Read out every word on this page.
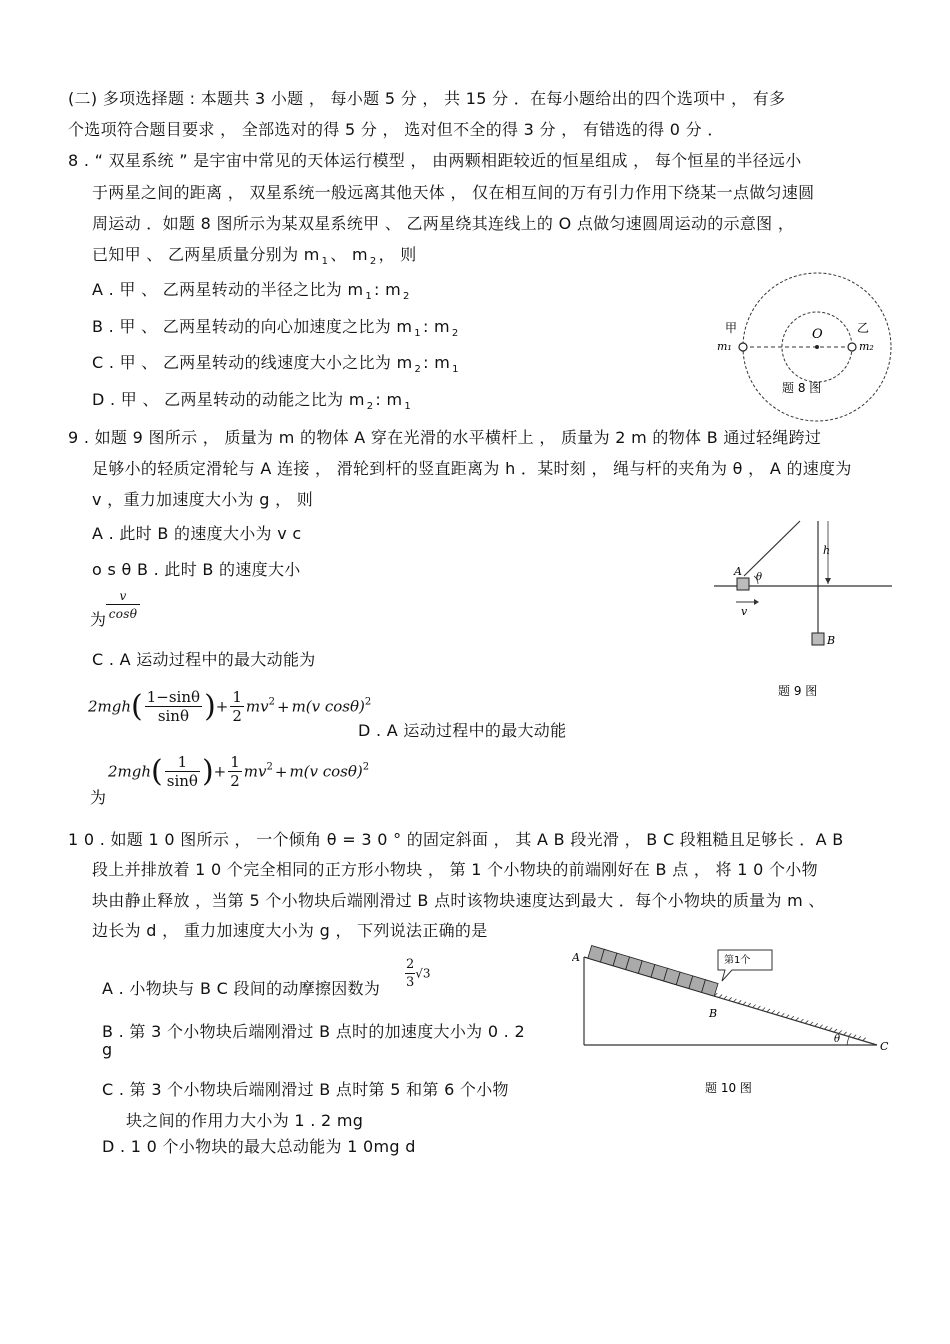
(二) 多项选择题 : 本题共 3 小题 ， 每小题 5 分 ， 共 15 分 ．在每小题给出的四个选项中 ， 有多
个选项符合题目要求 ， 全部选对的得 5 分 ， 选对但不全的得 3 分 ， 有错选的得 0 分 ．
8 . “ 双星系统 ” 是宇宙中常见的天体运行模型 ， 由两颗相距较近的恒星组成 ， 每个恒星的半径远小
于两星之间的距离 ， 双星系统一般远离其他天体 ， 仅在相互间的万有引力作用下绕某一点做匀速圆
周运动 ．如题 8 图所示为某双星系统甲 、 乙两星绕其连线上的 O 点做匀速圆周运动的示意图 ，
已知甲 、 乙两星质量分别为 m $_1$ 、 m $_2$ ， 则
A . 甲 、 乙两星转动的半径之比为 m $_1$ : m $_2$
B . 甲 、 乙两星转动的向心加速度之比为 m $_1$ : m $_2$
C . 甲 、 乙两星转动的线速度大小之比为 m $_2$ : m $_1$
D . 甲 、 乙两星转动的动能之比为 m $_2$ : m $_1$
甲
m₁
O	乙
m₂
题 8 图
9 . 如题 9 图所示 ， 质量为 m 的物体 A 穿在光滑的水平横杆上 ， 质量为 2 m 的物体 B 通过轻绳跨过
足够小的轻质定滑轮与 A 连接 ， 滑轮到杆的竖直距离为 h ．某时刻 ， 绳与杆的夹角为 θ ， A 的速度为
v ，重力加速度大小为 g ， 则
A . 此时 B 的速度大小为 v c
o s θ B . 此时 B 的速度大小
为
v
cosθ
C . A 运动过程中的最大动能为
$2mgh( \frac{1-\sin\theta}{\sin\theta}$ )+ $\frac{1}{2} mv^2 + m(v$ cosθ)$^2$
D . A 运动过程中的最大动能
为
$2mgh( \frac{1}{\sin\theta}$ )+ $\frac{1}{2} mv^2 + m(v$ cosθ)$^2$
A θ
h
v
B
题 9 图
1 0 . 如题 1 0 图所示 ， 一个倾角 θ = 3 0 ° 的固定斜面 ， 其 A B 段光滑 ， B C 段粗糙且足够长 ．A B
段上并排放着 1 0 个完全相同的正方形小物块 ， 第 1 个小物块的前端刚好在 B 点 ， 将 1 0 个小物
块由静止释放 ，当第 5 个小物块后端刚滑过 B 点时该物块速度达到最大 ．每个小物块的质量为 m 、
边长为 d ， 重力加速度大小为 g ， 下列说法正确的是
A . 小物块与 B C 段间的动摩擦因数为 $\frac{2}{3} √3$
B . 第 3 个小物块后端刚滑过 B 点时的加速度大小为 0 . 2
g
C . 第 3 个小物块后端刚滑过 B 点时第 5 和第 6 个小物
块之间的作用力大小为 1 . 2 mg
D . 1 0 个小物块的最大总动能为 1 0mg d
第1个
A
B
C
θ
题 10 图
